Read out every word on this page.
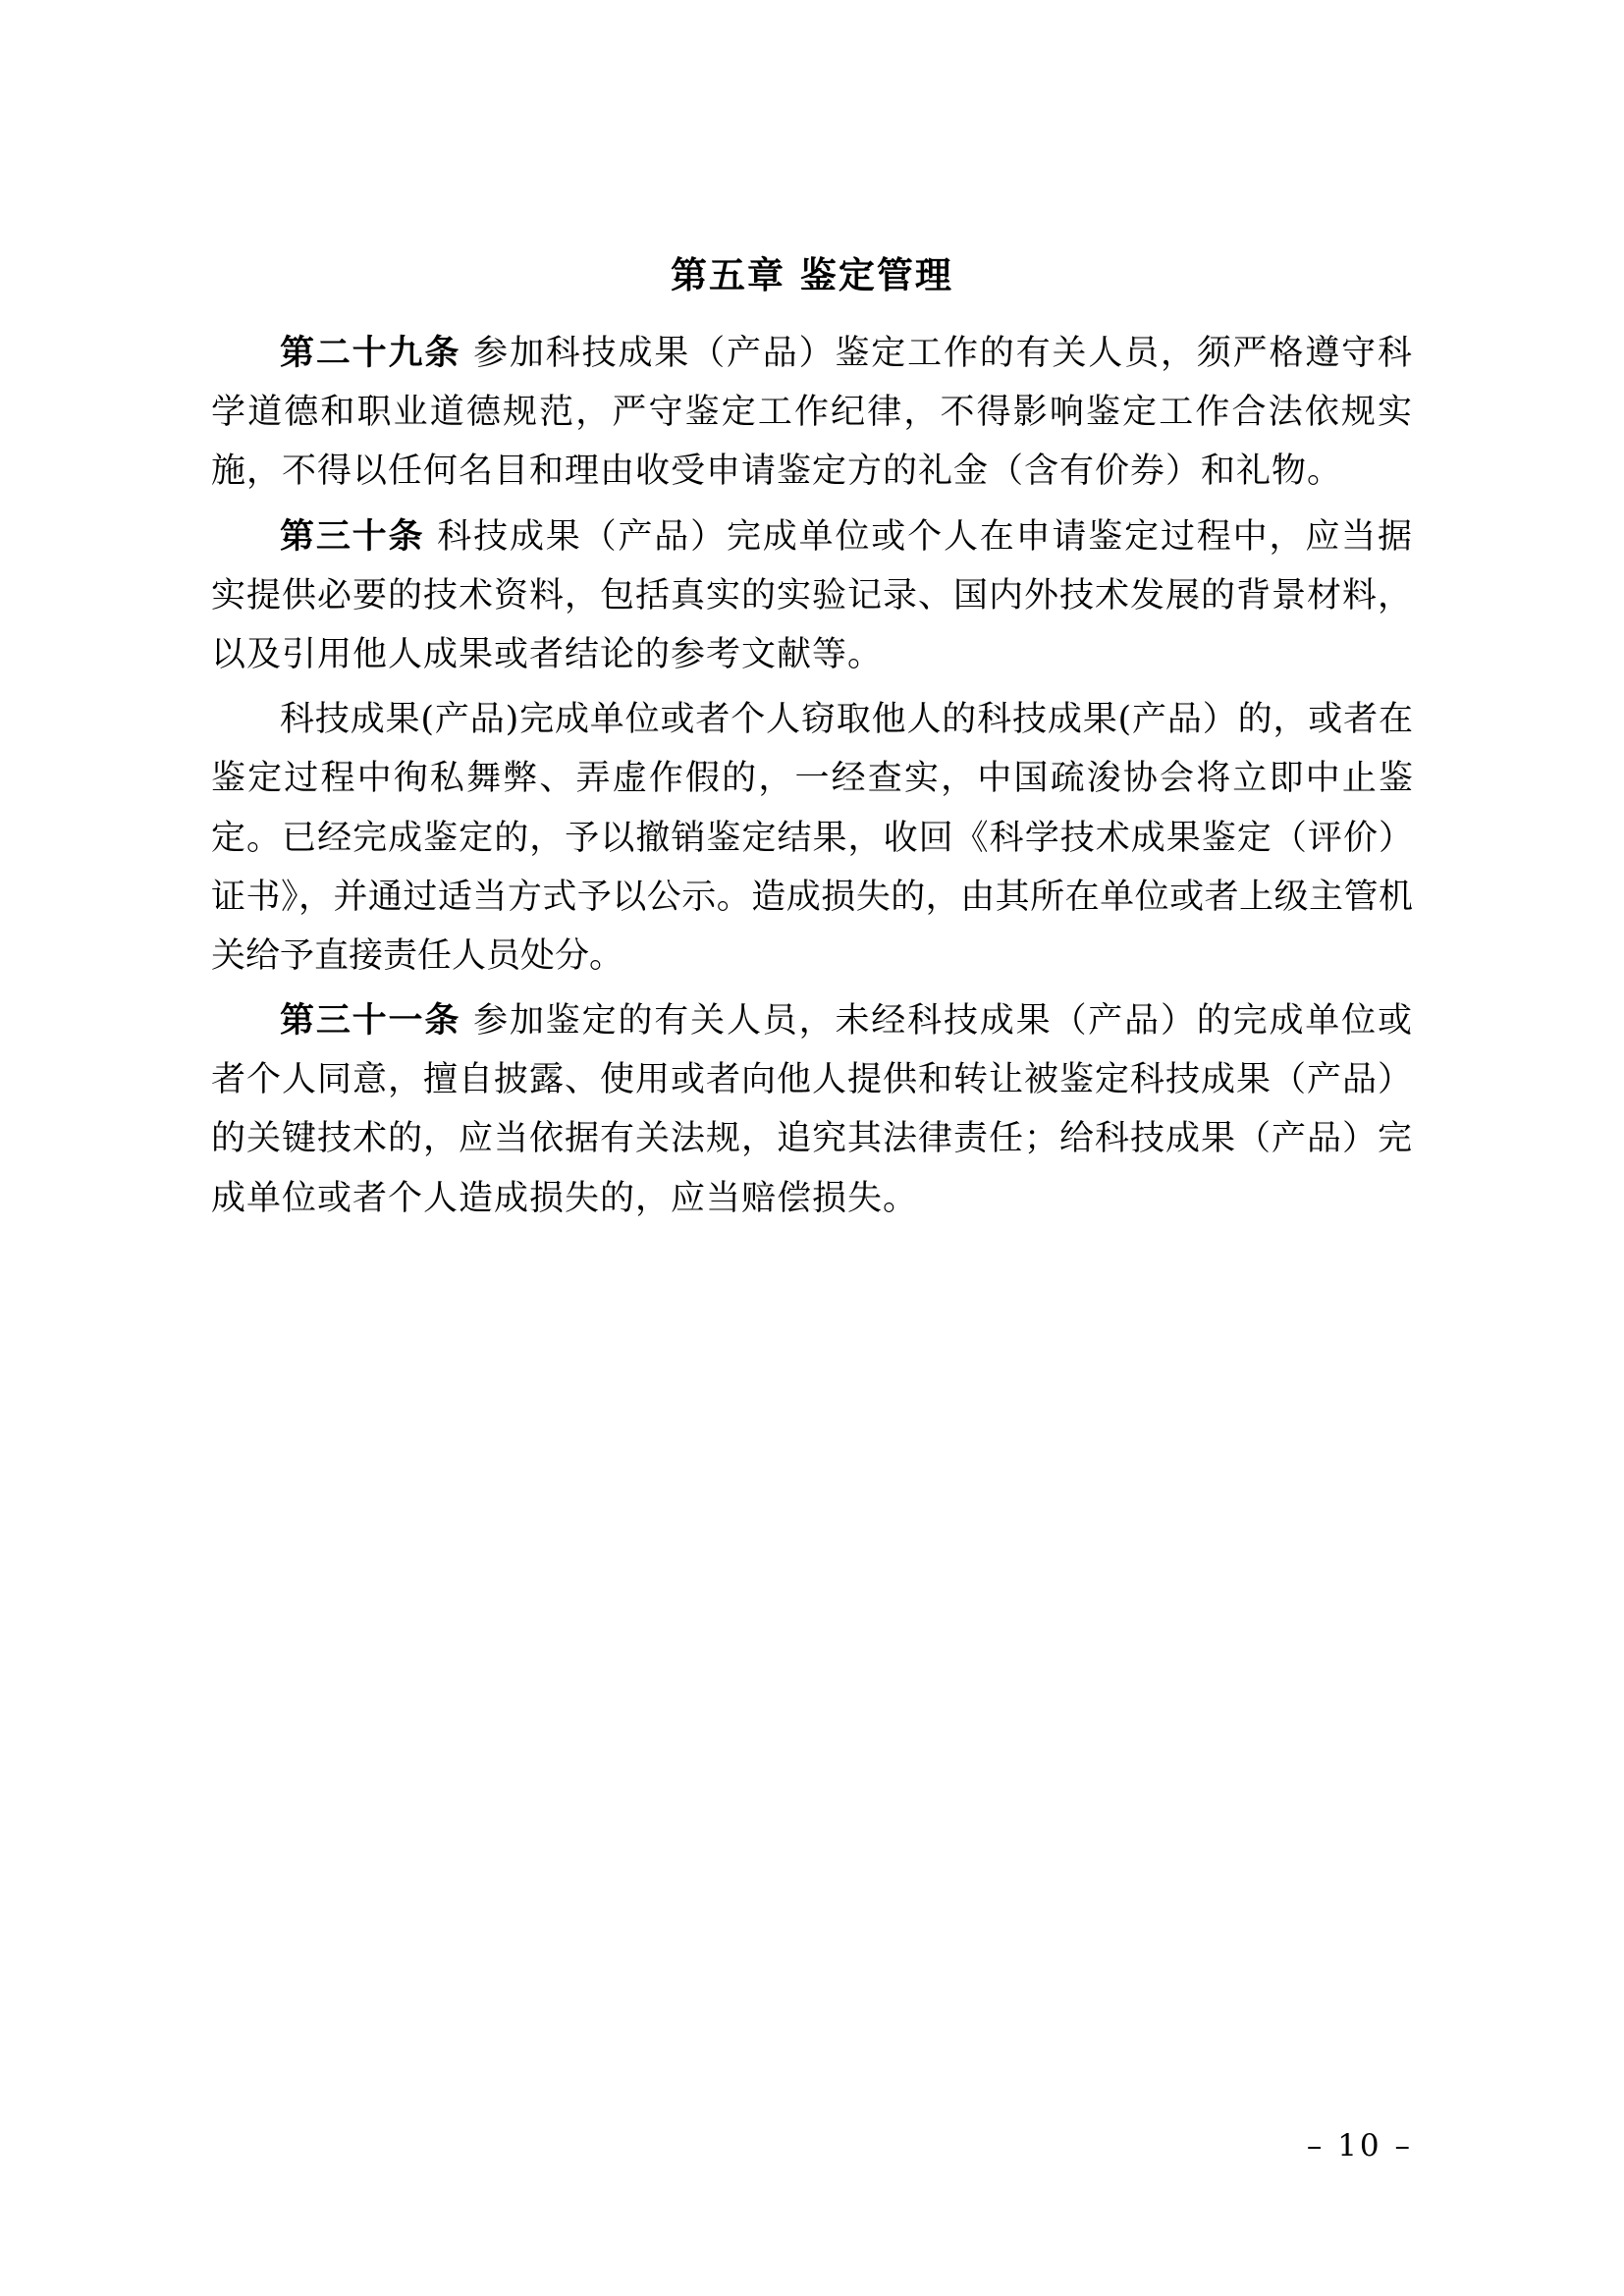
第五章 鉴定管理

第二十九条 参加科技成果（产品）鉴定工作的有关人员，须严格遵守科学道德和职业道德规范，严守鉴定工作纪律，不得影响鉴定工作合法依规实施，不得以任何名目和理由收受申请鉴定方的礼金（含有价券）和礼物。

第三十条 科技成果（产品）完成单位或个人在申请鉴定过程中，应当据实提供必要的技术资料，包括真实的实验记录、国内外技术发展的背景材料，以及引用他人成果或者结论的参考文献等。

科技成果(产品)完成单位或者个人窃取他人的科技成果(产品）的，或者在鉴定过程中徇私舞弊、弄虚作假的，一经查实，中国疏浚协会将立即中止鉴定。已经完成鉴定的，予以撤销鉴定结果，收回《科学技术成果鉴定（评价）证书》，并通过适当方式予以公示。造成损失的，由其所在单位或者上级主管机关给予直接责任人员处分。

第三十一条 参加鉴定的有关人员，未经科技成果（产品）的完成单位或者个人同意，擅自披露、使用或者向他人提供和转让被鉴定科技成果（产品）的关键技术的，应当依据有关法规，追究其法律责任；给科技成果（产品）完成单位或者个人造成损失的，应当赔偿损失。

– 10 –
